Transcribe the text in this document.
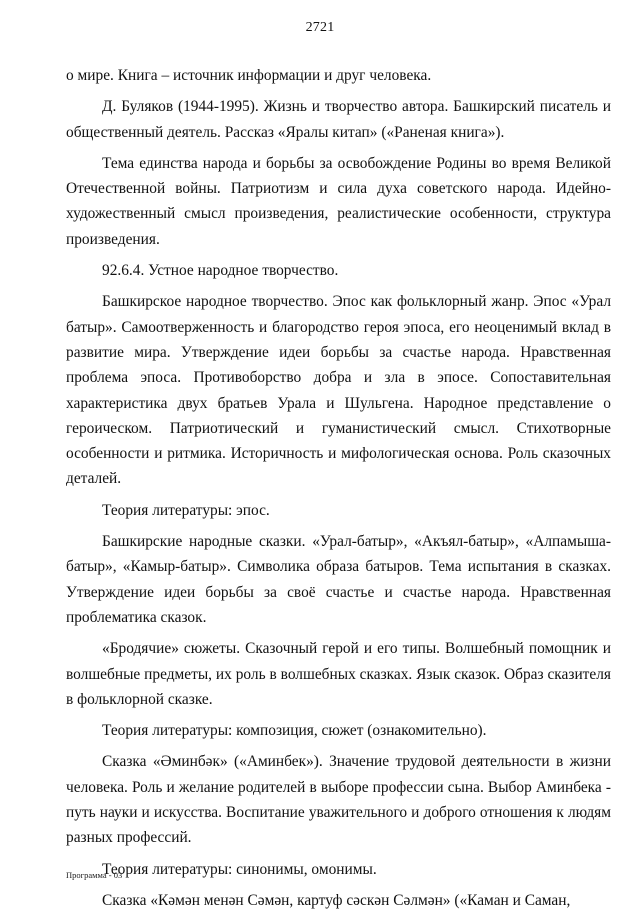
2721

о мире. Книга – источник информации и друг человека.

Д. Буляков (1944-1995). Жизнь и творчество автора. Башкирский писатель и общественный деятель. Рассказ «Яралы китап» («Раненая книга»).

Тема единства народа и борьбы за освобождение Родины во время Великой Отечественной войны. Патриотизм и сила духа советского народа. Идейно-художественный смысл произведения, реалистические особенности, структура произведения.

92.6.4. Устное народное творчество.

Башкирское народное творчество. Эпос как фольклорный жанр. Эпос «Урал батыр». Самоотверженность и благородство героя эпоса, его неоценимый вклад в развитие мира. Утверждение идеи борьбы за счастье народа. Нравственная проблема эпоса. Противоборство добра и зла в эпосе. Сопоставительная характеристика двух братьев Урала и Шульгена. Народное представление о героическом. Патриотический и гуманистический смысл. Стихотворные особенности и ритмика. Историчность и мифологическая основа. Роль сказочных деталей.

Теория литературы: эпос.

Башкирские народные сказки. «Урал-батыр», «Акъял-батыр», «Алпамыша-батыр», «Камыр-батыр». Символика образа батыров. Тема испытания в сказках. Утверждение идеи борьбы за своё счастье и счастье народа. Нравственная проблематика сказок.

«Бродячие» сюжеты. Сказочный герой и его типы. Волшебный помощник и волшебные предметы, их роль в волшебных сказках. Язык сказок. Образ сказителя в фольклорной сказке.

Теория литературы: композиция, сюжет (ознакомительно).

Сказка «Әминбәк» («Аминбек»). Значение трудовой деятельности в жизни человека. Роль и желание родителей в выборе профессии сына. Выбор Аминбека - путь науки и искусства. Воспитание уважительного и доброго отношения к людям разных профессий.

Теория литературы: синонимы, омонимы.

Сказка «Кәмән менән Сәмән, картуф сәскән Сәлмән» («Каман и Саман,

Программа - 03
